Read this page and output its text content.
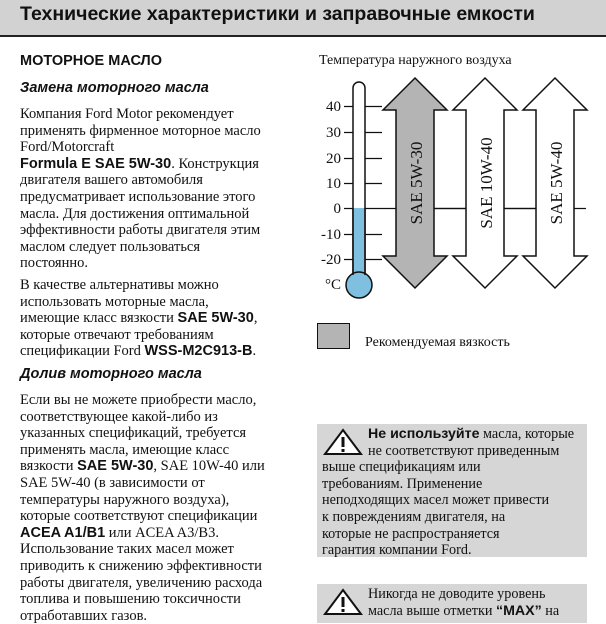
Технические характеристики и заправочные емкости
МОТОРНОЕ МАСЛО
Замена моторного масла
Компания Ford Motor рекомендует
применять фирменное моторное масло
Ford/Motorcraft
Formula E SAE 5W-30. Конструкция
двигателя вашего автомобиля
предусматривает использование этого
масла. Для достижения оптимальной
эффективности работы двигателя этим
маслом следует пользоваться
постоянно.
В качестве альтернативы можно
использовать моторные масла,
имеющие класс вязкости SAE 5W-30,
которые отвечают требованиям
спецификации Ford WSS-M2C913-B.
Долив моторного масла
Если вы не можете приобрести масло,
соответствующее какой-либо из
указанных спецификаций, требуется
применять масла, имеющие класс
вязкости SAE 5W-30, SAE 10W-40 или
SAE 5W-40 (в зависимости от
температуры наружного воздуха),
которые соответствуют спецификации
ACEA A1/B1 или ACEA A3/B3.
Использование таких масел может
приводить к снижению эффективности
работы двигателя, увеличению расхода
топлива и повышению токсичности
отработавших газов.
Температура наружного воздуха
40
30
20
10
0
-10
-20
°C
SAE 5W-30	SAE 10W-40	SAE 5W-40
Рекомендуемая вязкость
Не используйте масла, которые
не соответствуют приведенным
выше спецификациям или
требованиям. Применение
неподходящих масел может привести
к повреждениям двигателя, на
которые не распространяется
гарантия компании Ford.
Никогда не доводите уровень
масла выше отметки “MAX” на
